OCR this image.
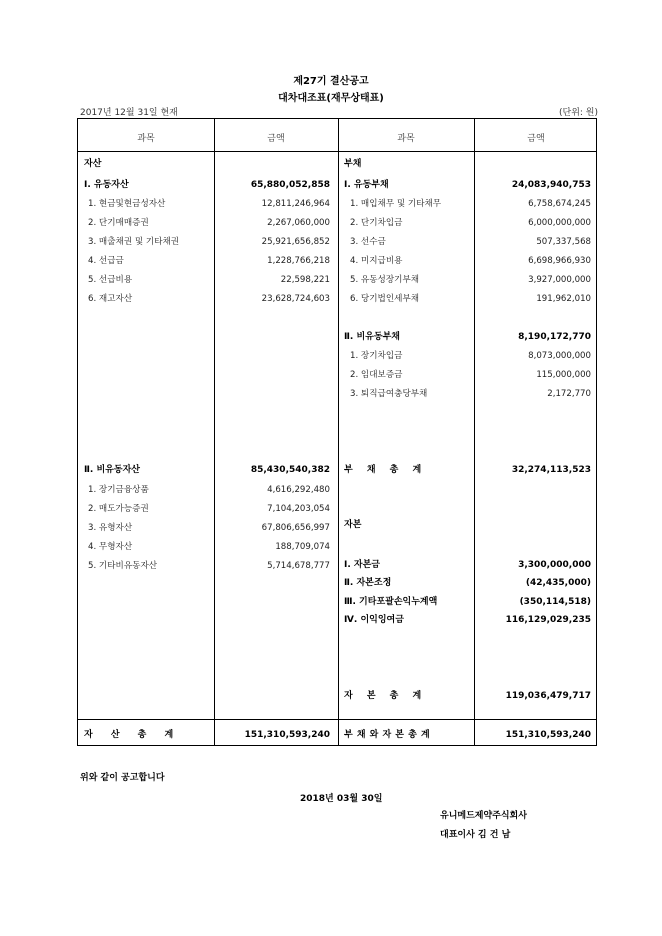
제27기 결산공고
대차대조표(재무상태표)
2017년 12월 31일 현재	(단위: 원)
과목	금액	과목	금액
자산
Ⅰ. 유동자산	65,880,052,858
1. 현금및현금성자산	12,811,246,964
2. 단기매매증권	2,267,060,000
3. 매출채권 및 기타채권	25,921,656,852
4. 선급금	1,228,766,218
5. 선급비용	22,598,221
6. 재고자산	23,628,724,603
Ⅱ. 비유동자산	85,430,540,382
1. 장기금융상품	4,616,292,480
2. 매도가능증권	7,104,203,054
3. 유형자산	67,806,656,997
4. 무형자산	188,709,074
5. 기타비유동자산	5,714,678,777
부채
Ⅰ. 유동부채	24,083,940,753
1. 매입채무 및 기타채무	6,758,674,245
2. 단기차입금	6,000,000,000
3. 선수금	507,337,568
4. 미지급비용	6,698,966,930
5. 유동성장기부채	3,927,000,000
6. 당기법인세부채	191,962,010
Ⅱ. 비유동부채	8,190,172,770
1. 장기차입금	8,073,000,000
2. 임대보증금	115,000,000
3. 퇴직급여충당부채	2,172,770
부 채 총 계	32,274,113,523
자본
Ⅰ. 자본금	3,300,000,000
Ⅱ. 자본조정	(42,435,000)
Ⅲ. 기타포괄손익누계액	(350,114,518)
Ⅳ. 이익잉여금	116,129,029,235
자 본 총 계	119,036,479,717
자 산 총 계	151,310,593,240 부 채 와 자 본 총 계	151,310,593,240
위와 같이 공고합니다
2018년 03월 30일
유니메드제약주식회사
대표이사 김 건 남
